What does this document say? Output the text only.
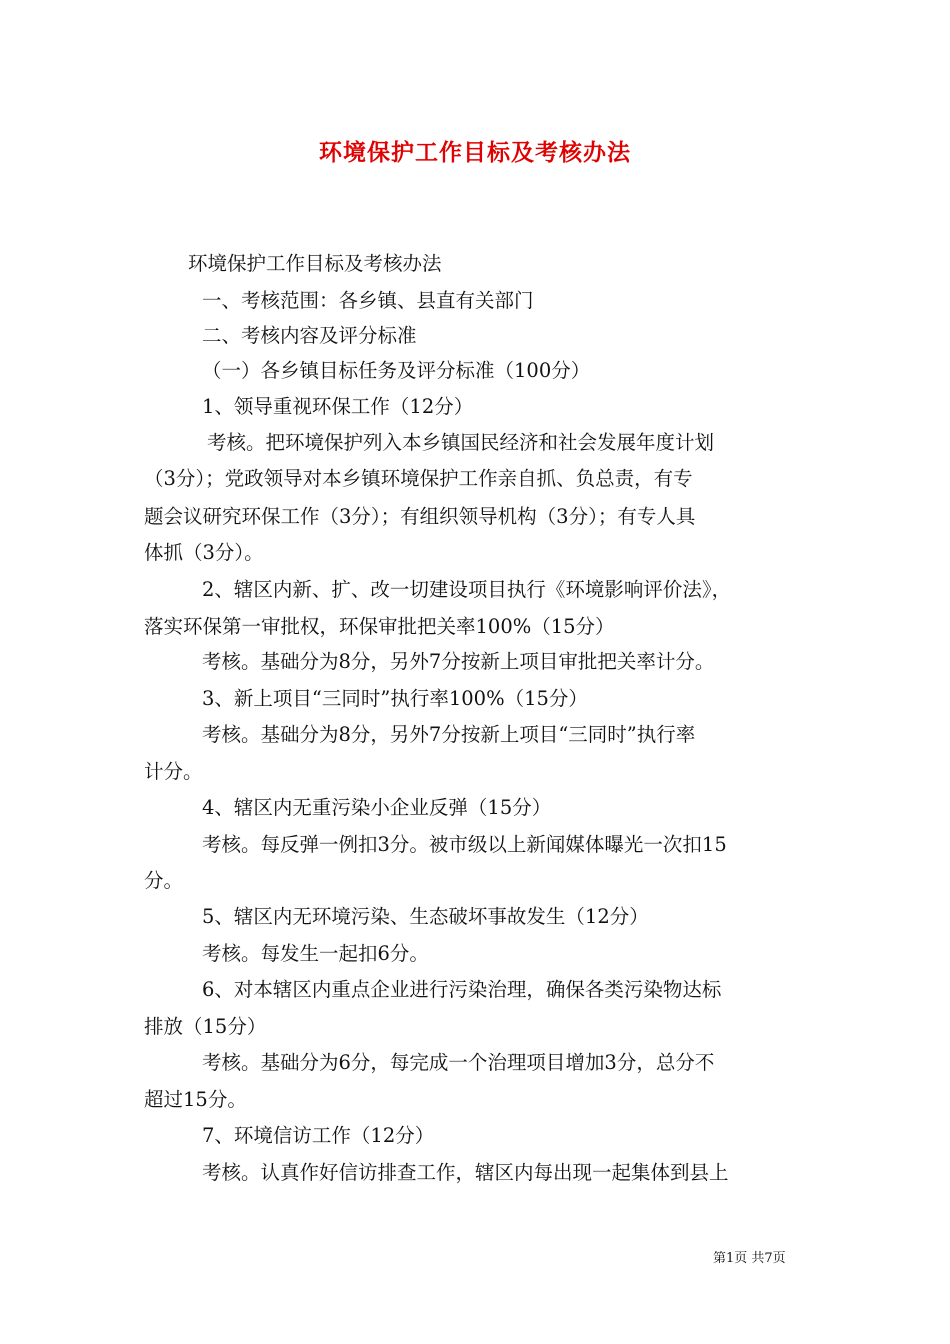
环境保护工作目标及考核办法
环境保护工作目标及考核办法
一、考核范围：各乡镇、县直有关部门
二、考核内容及评分标准
（一）各乡镇目标任务及评分标准（100分）
1、领导重视环保工作（12分）
考核。把环境保护列入本乡镇国民经济和社会发展年度计划
（3分）；党政领导对本乡镇环境保护工作亲自抓、负总责，有专
题会议研究环保工作（3分）；有组织领导机构（3分）；有专人具
体抓（3分）。
2、辖区内新、扩、改一切建设项目执行《环境影响评价法》，
落实环保第一审批权，环保审批把关率100%（15分）
考核。基础分为8分，另外7分按新上项目审批把关率计分。
3、新上项目“三同时”执行率100%（15分）
考核。基础分为8分，另外7分按新上项目“三同时”执行率
计分。
4、辖区内无重污染小企业反弹（15分）
考核。每反弹一例扣3分。被市级以上新闻媒体曝光一次扣15
分。
5、辖区内无环境污染、生态破坏事故发生（12分）
考核。每发生一起扣6分。
6、对本辖区内重点企业进行污染治理，确保各类污染物达标
排放（15分）
考核。基础分为6分，每完成一个治理项目增加3分，总分不
超过15分。
7、环境信访工作（12分）
考核。认真作好信访排查工作，辖区内每出现一起集体到县上
第1页 共7页
